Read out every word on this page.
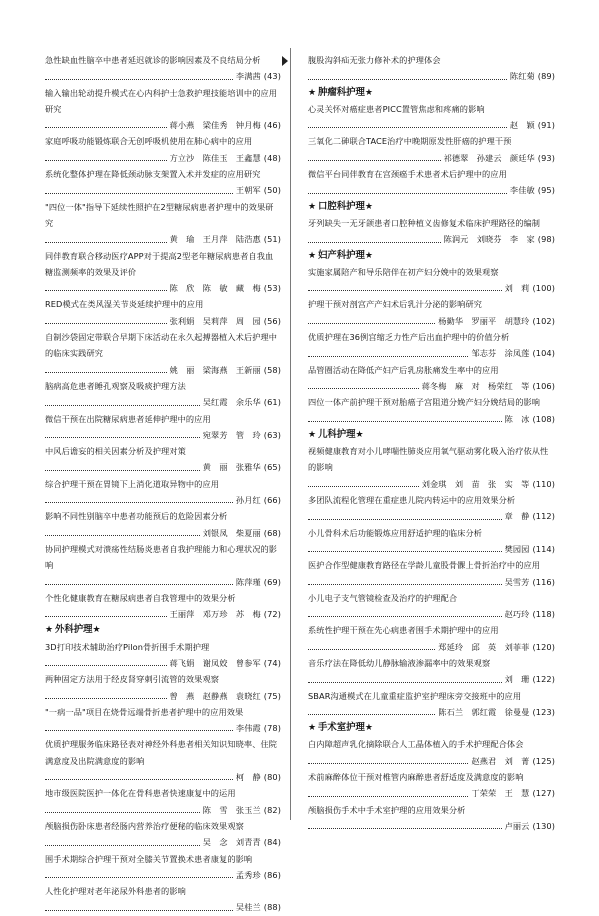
急性缺血性脑卒中患者延迟就诊的影响因素及不良结局分析
李满茜 (43)
输入输出轮动提升模式在心内科护士急救护理技能培训中的应用研究
蒋小燕　梁佳秀　钟月梅 (46)
家庭呼吸功能锻炼联合无创呼吸机使用在肺心病中的应用
方立沙　陈佳玉　王鑫慧 (48)
系统化整体护理在降低颈动脉支架置入术并发症的应用研究
王朝军 (50)
"四位一体"指导下延续性照护在2型糖尿病患者护理中的效果研究
黄　瑜　王月萍　陆浩惠 (51)
同伴教育联合移动医疗APP对于提高2型老年糖尿病患者自我血糖监测频率的效果及评价
陈　欣　陈　敏　藏　梅 (53)
RED模式在类风湿关节炎延续护理中的应用
张利娟　吴莉萍　周　园 (56)
自制沙袋固定带联合早期下床活动在永久起搏器植入术后护理中的临床实践研究
姚　丽　梁海燕　王新丽 (58)
脑病高危患者睡孔观察及吸痰护理方法
吴红霞　余乐华 (61)
微信干预在出院糖尿病患者延伸护理中的应用
宛翠芳　管　玲 (63)
中风后谵妄的相关因素分析及护理对策
黄　丽　张雅华 (65)
综合护理干预在胃镜下上消化道取异物中的应用
孙月红 (66)
影响不同性别脑卒中患者功能预后的危险因素分析
刘银凤　柴夏丽 (68)
协同护理模式对溃疡性结肠炎患者自我护理能力和心理状况的影响
陈萍瑾 (69)
个性化健康教育在糖尿病患者自我管理中的效果分析
王丽萍　邓万珍　苏　梅 (72)
★ 外科护理 ★
3D打印技术辅助治疗Pilon骨折围手术期护理
蒋飞娟　谢凤姣　曾参军 (74)
两种固定方法用于经皮肾穿刺引流管的效果观察
曾　燕　赵静燕　袁晓红 (75)
"一病一品"项目在烧骨远端骨折患者护理中的应用效果
李伟霞 (78)
优质护理服务临床路径表对神经外科患者相关知识知晓率、住院满意度及出院满意度的影响
柯　静 (80)
地市级医院医护一体化在骨科患者快速康复中的运用
陈　雪　张玉兰 (82)
颅脑损伤卧床患者经肠内营养治疗便秘的临床效果观察
吴　念　刘青青 (84)
围手术期综合护理干预对全膝关节置换术患者康复的影响
孟秀珍 (86)
人性化护理对老年泌尿外科患者的影响
吴桂兰 (88)
腹股沟斜疝无张力修补术的护理体会
陈红菊 (89)
★ 肿瘤科护理 ★
心灵关怀对癌症患者PICC置管焦虑和疼痛的影响
赵　颖 (91)
三氧化二砷联合TACE治疗中晚期原发性肝癌的护理干预
祁德翠　孙建云　颜廷华 (93)
微信平台同伴教育在宫颈癌手术患者术后护理中的应用
李佳敏 (95)
★ 口腔科护理 ★
牙列缺失一无牙颌患者口腔种植义齿修复术临床护理路径的编制
陈润元　刘晓芬　李　家 (98)
★ 妇产科护理 ★
实施家属陪产和导乐陪伴在初产妇分娩中的效果观察
刘　莉 (100)
护理干预对剖宫产产妇术后乳汁分泌的影响研究
杨勤华　罗丽平　胡慧玲 (102)
优质护理在36例宫缩乏力性产后出血护理中的价值分析
邹志芬　涂凤莲 (104)
品管圈活动在降低产妇产后乳房胀痛发生率中的应用
蒋冬梅　麻　对　杨荣红　等 (106)
四位一体产前护理干预对胎癌子宫阻道分娩产妇分娩结局的影响
陈　冰 (108)
★ 儿科护理 ★
视频健康教育对小儿哮喘性肺炎应用氧气驱动雾化吸入治疗依从性的影响
刘金琪　刘　苗　张　实　等 (110)
多团队流程化管理在重症患儿院内转运中的应用效果分析
章　静 (112)
小儿骨科术后功能锻炼应用舒适护理的临床分析
樊园园 (114)
医护合作型健康教育路径在学龄儿童股骨髁上骨折治疗中的应用
吴雪芳 (116)
小儿电子支气管镜检查及治疗的护理配合
赵巧玲 (118)
系统性护理干预在先心病患者围手术期护理中的应用
郑延玲　邱　英　刘菲菲 (120)
音乐疗法在降低幼儿静脉输液渗漏率中的效果观察
刘　珊 (122)
SBAR沟通模式在儿童重症监护室护理床旁交接班中的应用
陈石兰　郭红霞　徐曼曼 (123)
★ 手术室护理 ★
白内障超声乳化摘除联合人工晶体植入的手术护理配合体会
赵燕君　刘　菁 (125)
术前麻醉体位干预对椎管内麻醉患者舒适度及满意度的影响
丁荣荣　王　慧 (127)
颅脑损伤手术中手术室护理的应用效果分析
卢丽云 (130)
